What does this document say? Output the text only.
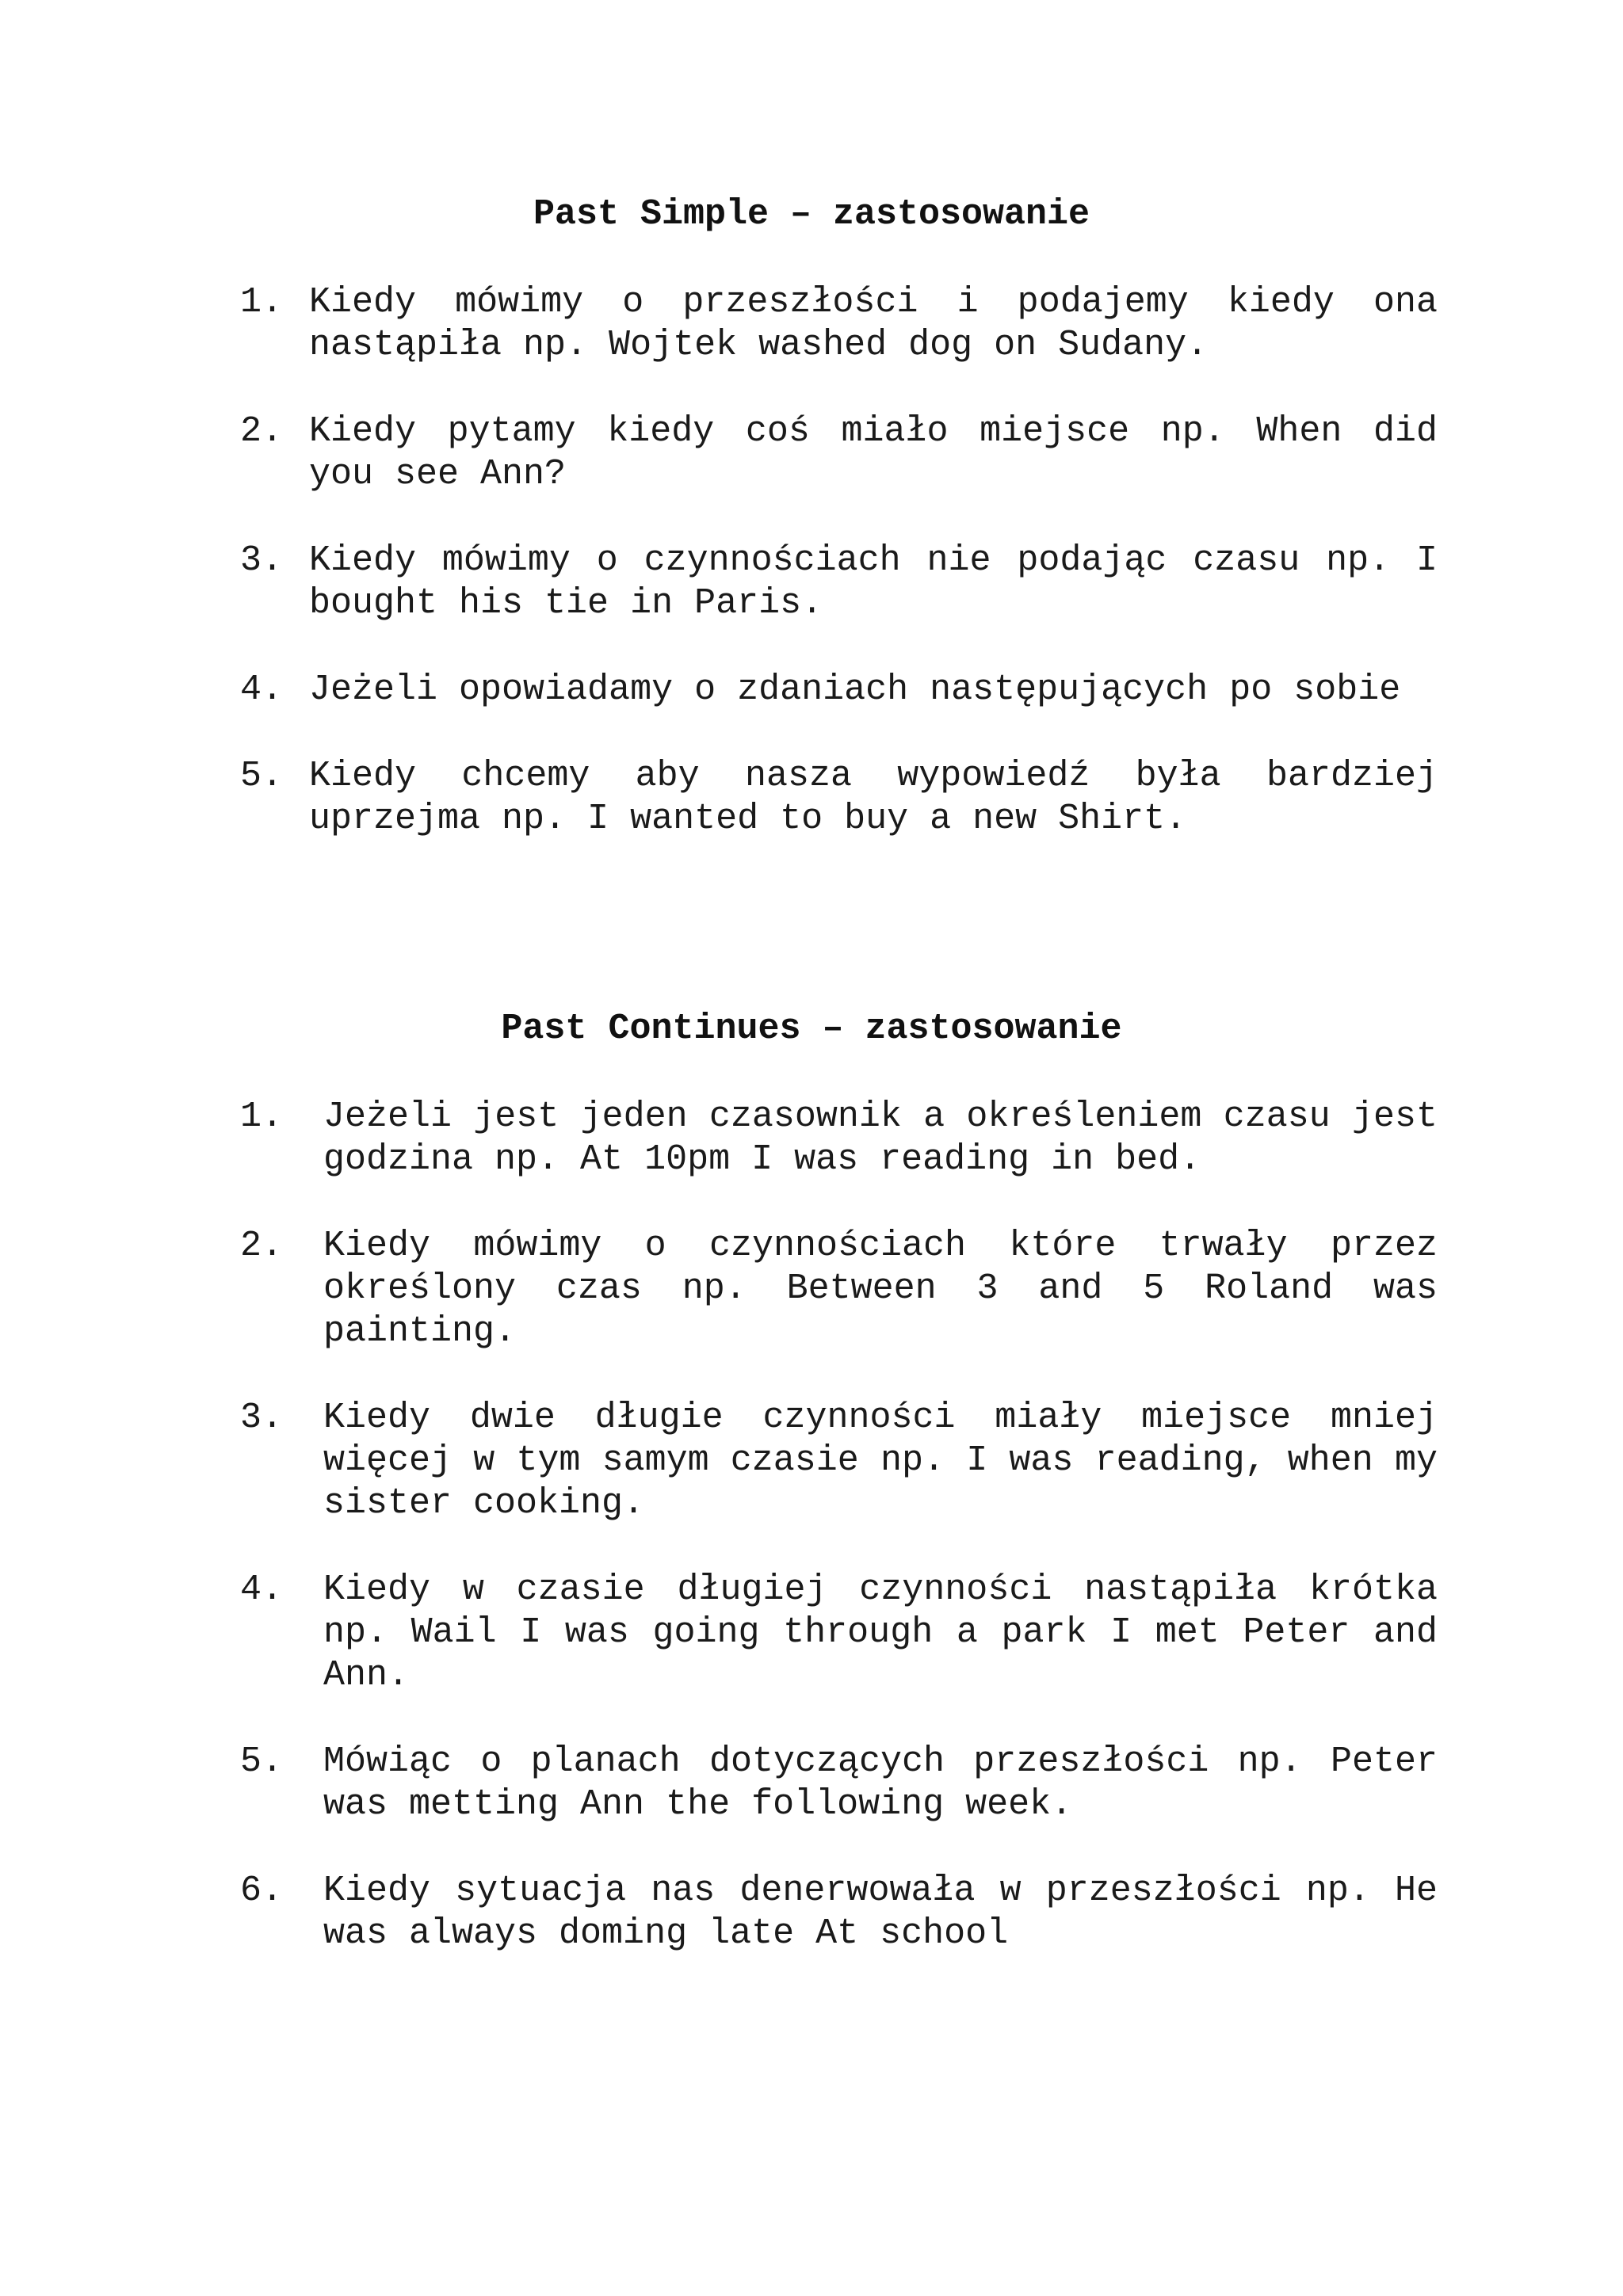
Past Simple – zastosowanie
1. Kiedy mówimy o przeszłości i podajemy kiedy ona nastąpiła np. Wojtek washed dog on Sudany.
2. Kiedy pytamy kiedy coś miało miejsce np. When did you see Ann?
3. Kiedy mówimy o czynnościach nie podając czasu np. I bought his tie in Paris.
4. Jeżeli opowiadamy o zdaniach następujących po sobie
5. Kiedy chcemy aby nasza wypowiedź była bardziej uprzejma np. I wanted to buy a new Shirt.
Past Continues – zastosowanie
1. Jeżeli jest jeden czasownik a określeniem czasu jest godzina np. At 10pm I was reading in bed.
2. Kiedy mówimy o czynnościach które trwały przez określony czas np. Between 3 and 5 Roland was painting.
3. Kiedy dwie długie czynności miały miejsce mniej więcej w tym samym czasie np. I was reading, when my sister cooking.
4. Kiedy w czasie długiej czynności nastąpiła krótka np. Wail I was going through a park I met Peter and Ann.
5. Mówiąc o planach dotyczących przeszłości np. Peter was metting Ann the following week.
6. Kiedy sytuacja nas denerwowała w przeszłości np. He was always doming late At school
